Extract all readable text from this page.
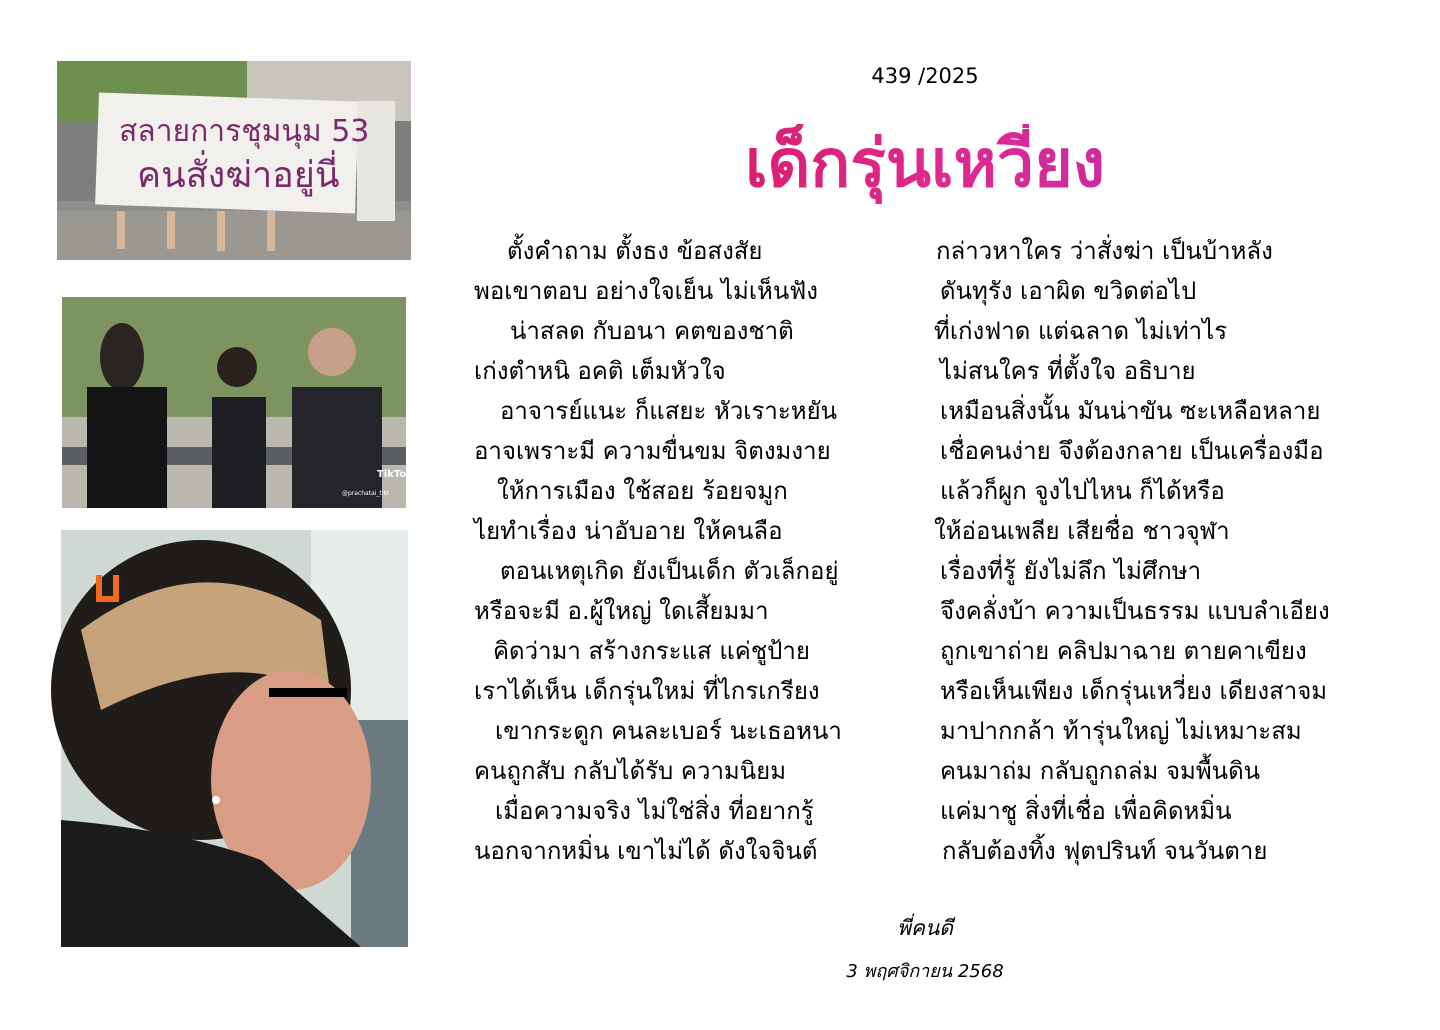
สลายการชุมนุม 53
คนสั่งฆ่าอยู่นี่
TikTok
@prachatai_tikt
439 /2025
เด็กรุ่นเหวี่ยง
ตั้งคำถาม ตั้งธง ข้อสงสัย
พอเขาตอบ อย่างใจเย็น ไม่เห็นฟัง
น่าสลด กับอนา คตของชาติ
เก่งตำหนิ อคติ เต็มหัวใจ
อาจารย์แนะ ก็แสยะ หัวเราะหยัน
อาจเพราะมี ความขื่นขม จิตงมงาย
ให้การเมือง ใช้สอย ร้อยจมูก
ไยทำเรื่อง น่าอับอาย ให้คนลือ
ตอนเหตุเกิด ยังเป็นเด็ก ตัวเล็กอยู่
หรือจะมี อ.ผู้ใหญ่ ใดเสี้ยมมา
คิดว่ามา สร้างกระแส แค่ชูป้าย
เราได้เห็น เด็กรุ่นใหม่ ที่ไกรเกรียง
เขากระดูก คนละเบอร์ นะเธอหนา
คนถูกสับ กลับได้รับ ความนิยม
เมื่อความจริง ไม่ใช่สิ่ง ที่อยากรู้
นอกจากหมิ่น เขาไม่ได้ ดังใจจินต์
กล่าวหาใคร ว่าสั่งฆ่า เป็นบ้าหลัง
ดันทุรัง เอาผิด ขวิดต่อไป
ที่เก่งฟาด แต่ฉลาด ไม่เท่าไร
ไม่สนใคร ที่ตั้งใจ อธิบาย
เหมือนสิ่งนั้น มันน่าขัน ซะเหลือหลาย
เชื่อคนง่าย จึงต้องกลาย เป็นเครื่องมือ
แล้วก็ผูก จูงไปไหน ก็ได้หรือ
ให้อ่อนเพลีย เสียชื่อ ชาวจุฬา
เรื่องที่รู้ ยังไม่ลึก ไม่ศึกษา
จึงคลั่งบ้า ความเป็นธรรม แบบลำเอียง
ถูกเขาถ่าย คลิปมาฉาย ตายคาเขียง
หรือเห็นเพียง เด็กรุ่นเหวี่ยง เดียงสาจม
มาปากกล้า ท้ารุ่นใหญ่ ไม่เหมาะสม
คนมาถ่ม กลับถูกถล่ม จมพื้นดิน
แค่มาชู สิ่งที่เชื่อ เพื่อคิดหมิ่น
กลับต้องทิ้ง ฟุตปรินท์ จนวันตาย
พี่คนดี
3 พฤศจิกายน 2568
